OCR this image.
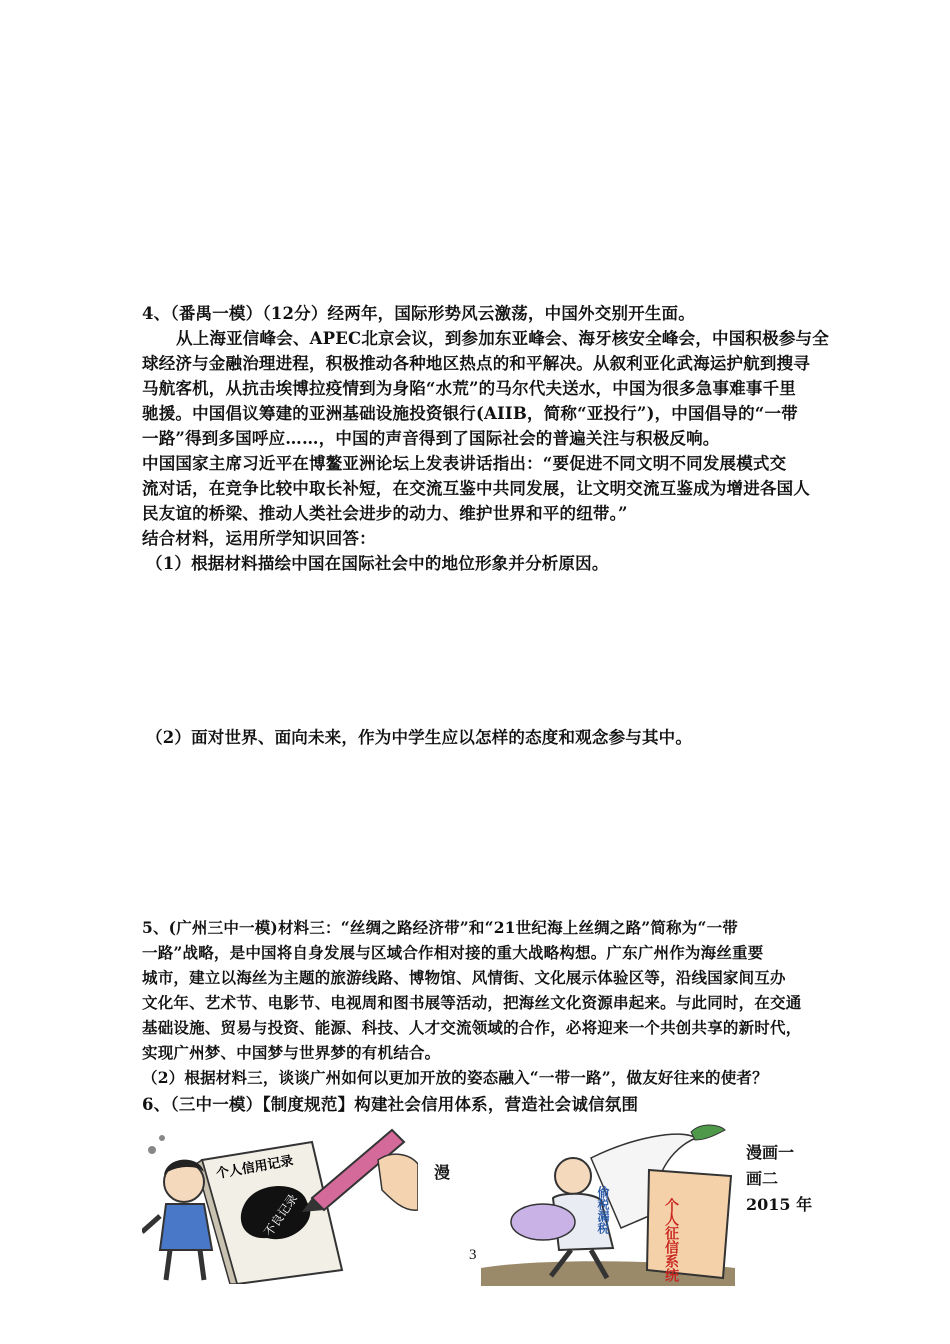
4、（番禺一模）（12分）经两年，国际形势风云激荡，中国外交别开生面。
从上海亚信峰会、APEC北京会议，到参加东亚峰会、海牙核安全峰会，中国积极参与全
球经济与金融治理进程，积极推动各种地区热点的和平解决。从叙利亚化武海运护航到搜寻
马航客机，从抗击埃博拉疫情到为身陷“水荒”的马尔代夫送水，中国为很多急事难事千里
驰援。中国倡议筹建的亚洲基础设施投资银行(AIIB，简称“亚投行”)，中国倡导的“一带
一路”得到多国呼应……，中国的声音得到了国际社会的普遍关注与积极反响。
中国国家主席习近平在博鳌亚洲论坛上发表讲话指出：“要促进不同文明不同发展模式交
流对话，在竞争比较中取长补短，在交流互鉴中共同发展，让文明交流互鉴成为增进各国人
民友谊的桥梁、推动人类社会进步的动力、维护世界和平的纽带。”
结合材料，运用所学知识回答：
（1）根据材料描绘中国在国际社会中的地位形象并分析原因。
（2）面对世界、面向未来，作为中学生应以怎样的态度和观念参与其中。
5、(广州三中一模)材料三：“丝绸之路经济带”和“21世纪海上丝绸之路”简称为“一带
一路”战略，是中国将自身发展与区域合作相对接的重大战略构想。广东广州作为海丝重要
城市，建立以海丝为主题的旅游线路、博物馆、风情街、文化展示体验区等，沿线国家间互办
文化年、艺术节、电影节、电视周和图书展等活动，把海丝文化资源串起来。与此同时，在交通
基础设施、贸易与投资、能源、科技、人才交流领域的合作，必将迎来一个共创共享的新时代，
实现广州梦、中国梦与世界梦的有机结合。
（2）根据材料三，谈谈广州如何以更加开放的姿态融入“一带一路”，做友好往来的使者？
6、（三中一模）【制度规范】构建社会信用体系，营造社会诚信氛围
个人信用记录
不良记录
漫
个人征信系统
偷税漏税
漫画一
画二
2015 年
3
